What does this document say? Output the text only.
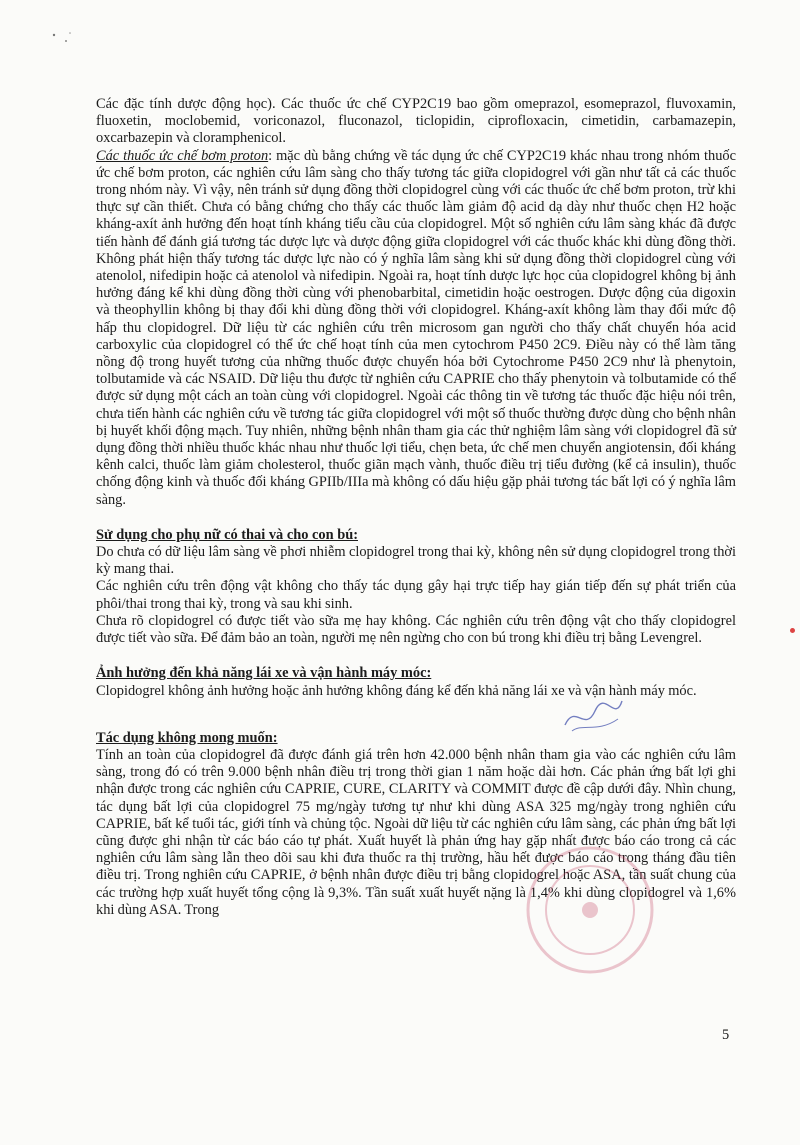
Các đặc tính dược động học). Các thuốc ức chế CYP2C19 bao gồm omeprazol, esomeprazol, fluvoxamin, fluoxetin, moclobemid, voriconazol, fluconazol, ticlopidin, ciprofloxacin, cimetidin, carbamazepin, oxcarbazepin và cloramphenicol.

Các thuốc ức chế bơm proton: mặc dù bằng chứng về tác dụng ức chế CYP2C19 khác nhau trong nhóm thuốc ức chế bơm proton, các nghiên cứu lâm sàng cho thấy tương tác giữa clopidogrel với gần như tất cả các thuốc trong nhóm này. Vì vậy, nên tránh sử dụng đồng thời clopidogrel cùng với các thuốc ức chế bơm proton, trừ khi thực sự cần thiết. Chưa có bằng chứng cho thấy các thuốc làm giảm độ acid dạ dày như thuốc chẹn H2 hoặc kháng-axít ảnh hưởng đến hoạt tính kháng tiểu cầu của clopidogrel. Một số nghiên cứu lâm sàng khác đã được tiến hành để đánh giá tương tác dược lực và dược động giữa clopidogrel với các thuốc khác khi dùng đồng thời. Không phát hiện thấy tương tác dược lực nào có ý nghĩa lâm sàng khi sử dụng đồng thời clopidogrel cùng với atenolol, nifedipin hoặc cả atenolol và nifedipin. Ngoài ra, hoạt tính dược lực học của clopidogrel không bị ảnh hưởng đáng kể khi dùng đồng thời cùng với phenobarbital, cimetidin hoặc oestrogen. Dược động của digoxin và theophyllin không bị thay đổi khi dùng đồng thời với clopidogrel. Kháng-axít không làm thay đổi mức độ hấp thu clopidogrel. Dữ liệu từ các nghiên cứu trên microsom gan người cho thấy chất chuyển hóa acid carboxylic của clopidogrel có thể ức chế hoạt tính của men cytochrom P450 2C9. Điều này có thể làm tăng nồng độ trong huyết tương của những thuốc được chuyển hóa bởi Cytochrome P450 2C9 như là phenytoin, tolbutamide và các NSAID. Dữ liệu thu được từ nghiên cứu CAPRIE cho thấy phenytoin và tolbutamide có thể được sử dụng một cách an toàn cùng với clopidogrel. Ngoài các thông tin về tương tác thuốc đặc hiệu nói trên, chưa tiến hành các nghiên cứu về tương tác giữa clopidogrel với một số thuốc thường được dùng cho bệnh nhân bị huyết khối động mạch. Tuy nhiên, những bệnh nhân tham gia các thử nghiệm lâm sàng với clopidogrel đã sử dụng đồng thời nhiều thuốc khác nhau như thuốc lợi tiểu, chẹn beta, ức chế men chuyển angiotensin, đối kháng kênh calci, thuốc làm giảm cholesterol, thuốc giãn mạch vành, thuốc điều trị tiểu đường (kể cả insulin), thuốc chống động kinh và thuốc đối kháng GPIIb/IIIa mà không có dấu hiệu gặp phải tương tác bất lợi có ý nghĩa lâm sàng.

Sử dụng cho phụ nữ có thai và cho con bú:

Do chưa có dữ liệu lâm sàng về phơi nhiễm clopidogrel trong thai kỳ, không nên sử dụng clopidogrel trong thời kỳ mang thai.

Các nghiên cứu trên động vật không cho thấy tác dụng gây hại trực tiếp hay gián tiếp đến sự phát triển của phôi/thai trong thai kỳ, trong và sau khi sinh.

Chưa rõ clopidogrel có được tiết vào sữa mẹ hay không. Các nghiên cứu trên động vật cho thấy clopidogrel được tiết vào sữa. Để đảm bảo an toàn, người mẹ nên ngừng cho con bú trong khi điều trị bằng Levengrel.

Ảnh hưởng đến khả năng lái xe và vận hành máy móc:

Clopidogrel không ảnh hưởng hoặc ảnh hưởng không đáng kể đến khả năng lái xe và vận hành máy móc.

Tác dụng không mong muốn:

Tính an toàn của clopidogrel đã được đánh giá trên hơn 42.000 bệnh nhân tham gia vào các nghiên cứu lâm sàng, trong đó có trên 9.000 bệnh nhân điều trị trong thời gian 1 năm hoặc dài hơn. Các phản ứng bất lợi ghi nhận được trong các nghiên cứu CAPRIE, CURE, CLARITY và COMMIT được đề cập dưới đây. Nhìn chung, tác dụng bất lợi của clopidogrel 75 mg/ngày tương tự như khi dùng ASA 325 mg/ngày trong nghiên cứu CAPRIE, bất kể tuổi tác, giới tính và chủng tộc. Ngoài dữ liệu từ các nghiên cứu lâm sàng, các phản ứng bất lợi cũng được ghi nhận từ các báo cáo tự phát. Xuất huyết là phản ứng hay gặp nhất được báo cáo trong cả các nghiên cứu lâm sàng lẫn theo dõi sau khi đưa thuốc ra thị trường, hầu hết được báo cáo trong tháng đầu tiên điều trị. Trong nghiên cứu CAPRIE, ở bệnh nhân được điều trị bằng clopidogrel hoặc ASA, tần suất chung của các trường hợp xuất huyết tổng cộng là 9,3%. Tần suất xuất huyết nặng là 1,4% khi dùng clopidogrel và 1,6% khi dùng ASA. Trong

5
